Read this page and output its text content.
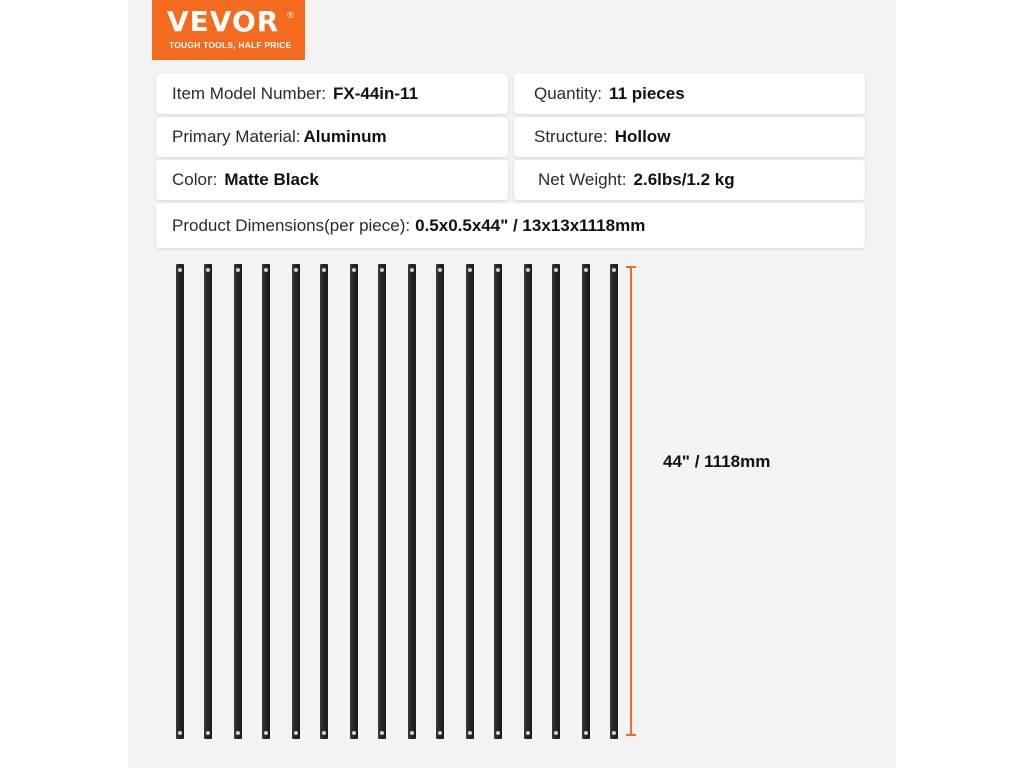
VEVOR ®
TOUGH TOOLS, HALF PRICE
Item Model Number: FX-44in-11	Quantity: 11 pieces
Primary Material: Aluminum	Structure: Hollow
Color: Matte Black	Net Weight: 2.6lbs/1.2 kg
Product Dimensions(per piece): 0.5x0.5x44" / 13x13x1118mm
44" / 1118mm
